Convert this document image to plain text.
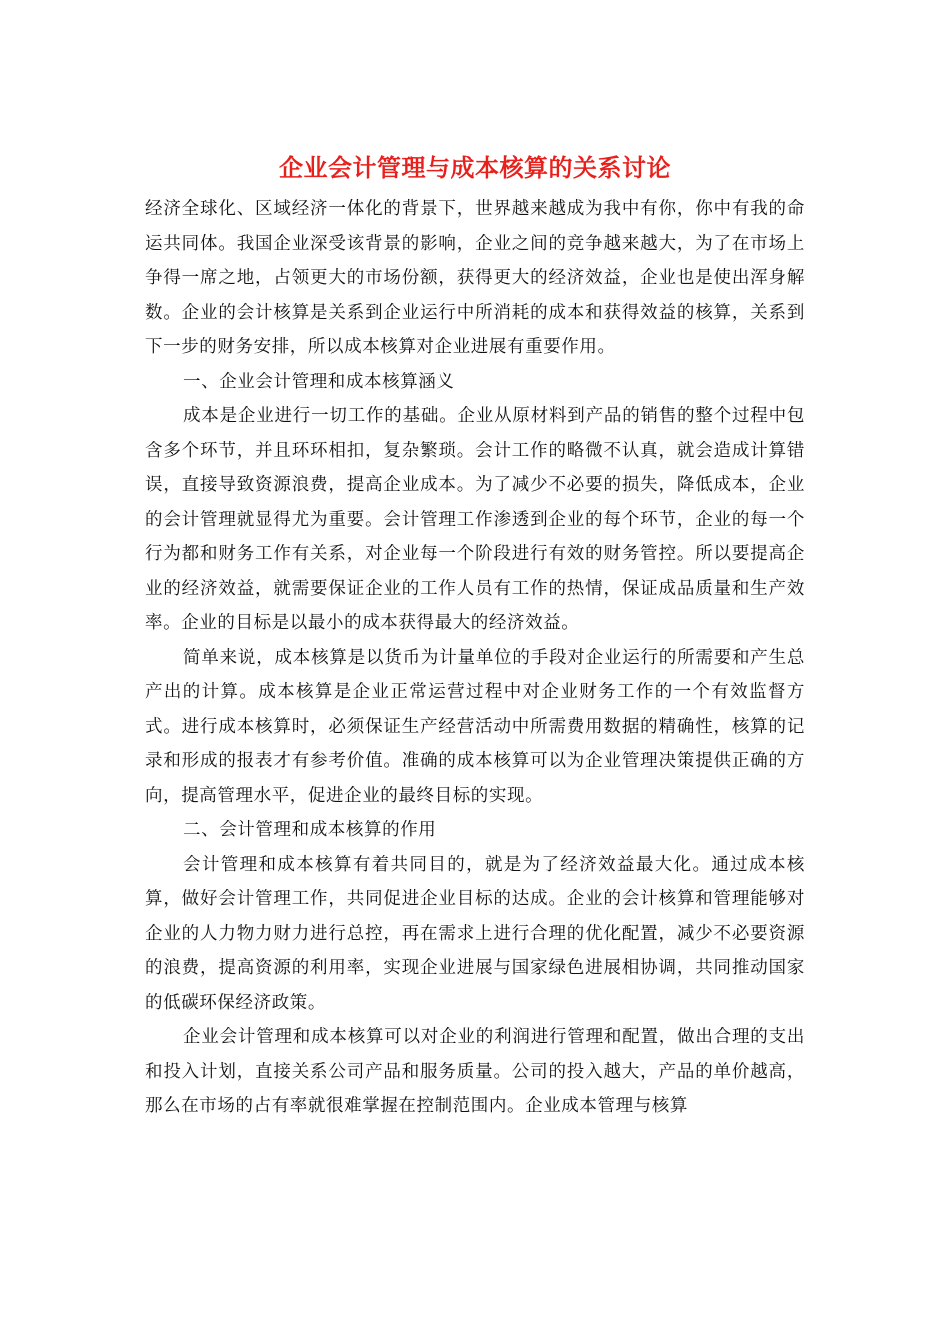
企业会计管理与成本核算的关系讨论

经济全球化、区域经济一体化的背景下，世界越来越成为我中有你，你中有我的命运共同体。我国企业深受该背景的影响，企业之间的竞争越来越大，为了在市场上争得一席之地，占领更大的市场份额，获得更大的经济效益，企业也是使出浑身解数。企业的会计核算是关系到企业运行中所消耗的成本和获得效益的核算，关系到下一步的财务安排，所以成本核算对企业进展有重要作用。

一、企业会计管理和成本核算涵义

成本是企业进行一切工作的基础。企业从原材料到产品的销售的整个过程中包含多个环节，并且环环相扣，复杂繁琐。会计工作的略微不认真，就会造成计算错误，直接导致资源浪费，提高企业成本。为了减少不必要的损失，降低成本，企业的会计管理就显得尤为重要。会计管理工作渗透到企业的每个环节，企业的每一个行为都和财务工作有关系，对企业每一个阶段进行有效的财务管控。所以要提高企业的经济效益，就需要保证企业的工作人员有工作的热情，保证成品质量和生产效率。企业的目标是以最小的成本获得最大的经济效益。

简单来说，成本核算是以货币为计量单位的手段对企业运行的所需要和产生总产出的计算。成本核算是企业正常运营过程中对企业财务工作的一个有效监督方式。进行成本核算时，必须保证生产经营活动中所需费用数据的精确性，核算的记录和形成的报表才有参考价值。准确的成本核算可以为企业管理决策提供正确的方向，提高管理水平，促进企业的最终目标的实现。

二、会计管理和成本核算的作用

会计管理和成本核算有着共同目的，就是为了经济效益最大化。通过成本核算，做好会计管理工作，共同促进企业目标的达成。企业的会计核算和管理能够对企业的人力物力财力进行总控，再在需求上进行合理的优化配置，减少不必要资源的浪费，提高资源的利用率，实现企业进展与国家绿色进展相协调，共同推动国家的低碳环保经济政策。

企业会计管理和成本核算可以对企业的利润进行管理和配置，做出合理的支出和投入计划，直接关系公司产品和服务质量。公司的投入越大，产品的单价越高，那么在市场的占有率就很难掌握在控制范围内。企业成本管理与核算
